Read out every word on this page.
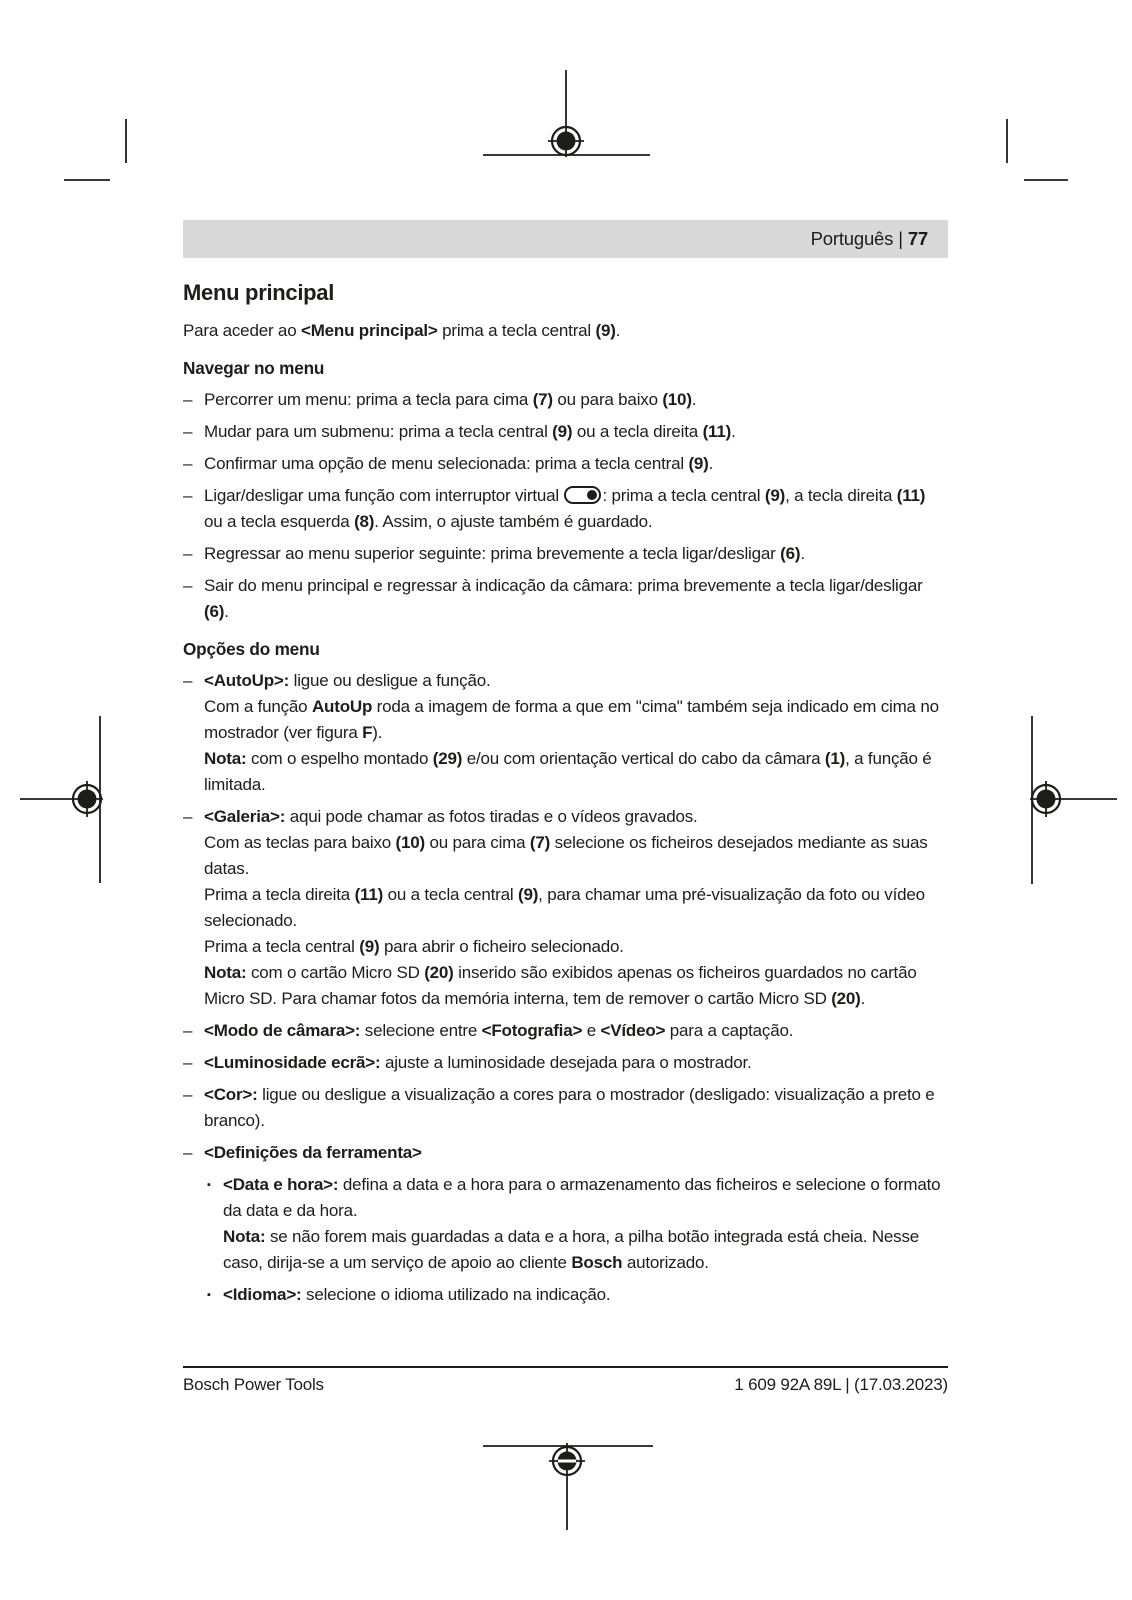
Português | 77
Menu principal

Para aceder ao <Menu principal> prima a tecla central (9).

Navegar no menu
– Percorrer um menu: prima a tecla para cima (7) ou para baixo (10).
– Mudar para um submenu: prima a tecla central (9) ou a tecla direita (11).
– Confirmar uma opção de menu selecionada: prima a tecla central (9).
– Ligar/desligar uma função com interruptor virtual
: prima a tecla central (9), a tecla direita (11) ou a tecla esquerda (8). Assim, o ajuste também é guardado.
– Regressar ao menu superior seguinte: prima brevemente a tecla ligar/desligar (6).
– Sair do menu principal e regressar à indicação da câmara: prima brevemente a tecla ligar/desligar (6).
Opções do menu
– <AutoUp>: ligue ou desligue a função.
Com a função AutoUp roda a imagem de forma a que em "cima" também seja indicado em cima no mostrador (ver figura F).
Nota: com o espelho montado (29) e/ou com orientação vertical do cabo da câmara (1), a função é limitada.
– <Galeria>: aqui pode chamar as fotos tiradas e o vídeos gravados.
Com as teclas para baixo (10) ou para cima (7) selecione os ficheiros desejados mediante as suas datas.
Prima a tecla direita (11) ou a tecla central (9), para chamar uma pré-visualização da foto ou vídeo selecionado.
Prima a tecla central (9) para abrir o ficheiro selecionado.
Nota: com o cartão Micro SD (20) inserido são exibidos apenas os ficheiros guardados no cartão Micro SD. Para chamar fotos da memória interna, tem de remover o cartão Micro SD (20).
– <Modo de câmara>: selecione entre <Fotografia> e <Vídeo> para a captação.
– <Luminosidade ecrã>: ajuste a luminosidade desejada para o mostrador.
– <Cor>: ligue ou desligue a visualização a cores para o mostrador (desligado: visualização a preto e branco).
– <Definições da ferramenta>
▪ <Data e hora>: defina a data e a hora para o armazenamento das ficheiros e selecione o formato da data e da hora.
Nota: se não forem mais guardadas a data e a hora, a pilha botão integrada está cheia. Nesse caso, dirija-se a um serviço de apoio ao cliente Bosch autorizado.
▪ <Idioma>: selecione o idioma utilizado na indicação.
Bosch Power Tools	1 609 92A 89L | (17.03.2023)
